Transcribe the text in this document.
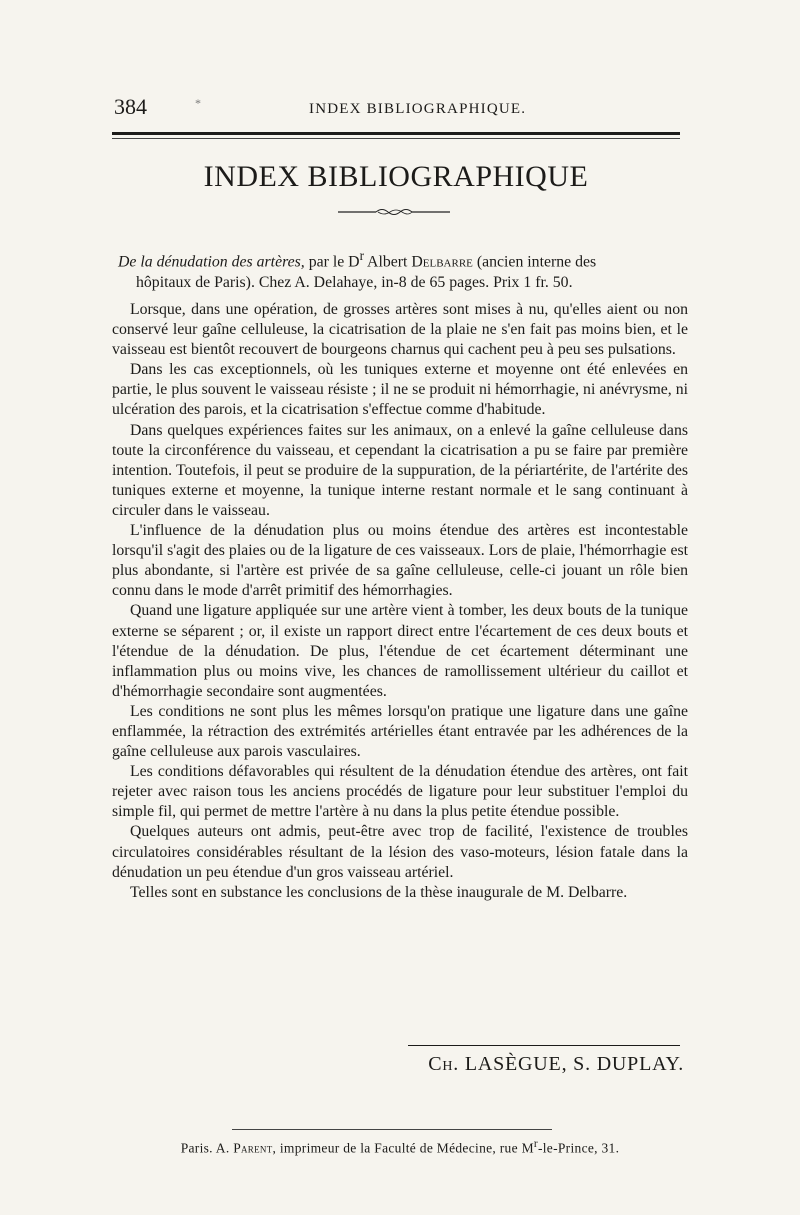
384	*	INDEX BIBLIOGRAPHIQUE.
INDEX BIBLIOGRAPHIQUE
De la dénudation des artères, par le $D^r$ Albert Delbarre (ancien interne des
hôpitaux de Paris). Chez A. Delahaye, in-8 de 65 pages. Prix 1 fr. 50.

Lorsque, dans une opération, de grosses artères sont mises à nu, qu'elles aient ou non conservé leur gaîne celluleuse, la cicatrisation de la plaie ne s'en fait pas moins bien, et le vaisseau est bientôt recouvert de bourgeons charnus qui cachent peu à peu ses pulsations.

Dans les cas exceptionnels, où les tuniques externe et moyenne ont été enlevées en partie, le plus souvent le vaisseau résiste ; il ne se produit ni hémorrhagie, ni anévrysme, ni ulcération des parois, et la cicatrisation s'effectue comme d'habitude.

Dans quelques expériences faites sur les animaux, on a enlevé la gaîne celluleuse dans toute la circonférence du vaisseau, et cependant la cicatrisation a pu se faire par première intention. Toutefois, il peut se produire de la suppuration, de la périartérite, de l'artérite des tuniques externe et moyenne, la tunique interne restant normale et le sang continuant à circuler dans le vaisseau.

L'influence de la dénudation plus ou moins étendue des artères est incontestable lorsqu'il s'agit des plaies ou de la ligature de ces vaisseaux. Lors de plaie, l'hémorrhagie est plus abondante, si l'artère est privée de sa gaîne celluleuse, celle-ci jouant un rôle bien connu dans le mode d'arrêt primitif des hémorrhagies.

Quand une ligature appliquée sur une artère vient à tomber, les deux bouts de la tunique externe se séparent ; or, il existe un rapport direct entre l'écartement de ces deux bouts et l'étendue de la dénudation. De plus, l'étendue de cet écartement déterminant une inflammation plus ou moins vive, les chances de ramollissement ultérieur du caillot et d'hémorrhagie secondaire sont augmentées.

Les conditions ne sont plus les mêmes lorsqu'on pratique une ligature dans une gaîne enflammée, la rétraction des extrémités artérielles étant entravée par les adhérences de la gaîne celluleuse aux parois vasculaires.

Les conditions défavorables qui résultent de la dénudation étendue des artères, ont fait rejeter avec raison tous les anciens procédés de ligature pour leur substituer l'emploi du simple fil, qui permet de mettre l'artère à nu dans la plus petite étendue possible.

Quelques auteurs ont admis, peut-être avec trop de facilité, l'existence de troubles circulatoires considérables résultant de la lésion des vaso-moteurs, lésion fatale dans la dénudation un peu étendue d'un gros vaisseau artériel.

Telles sont en substance les conclusions de la thèse inaugurale de M. Delbarre.

Ch. LASÈGUE, S. DUPLAY.
Paris. A. Parent, imprimeur de la Faculté de Médecine, rue $M^r-le$-Prince, 31.
